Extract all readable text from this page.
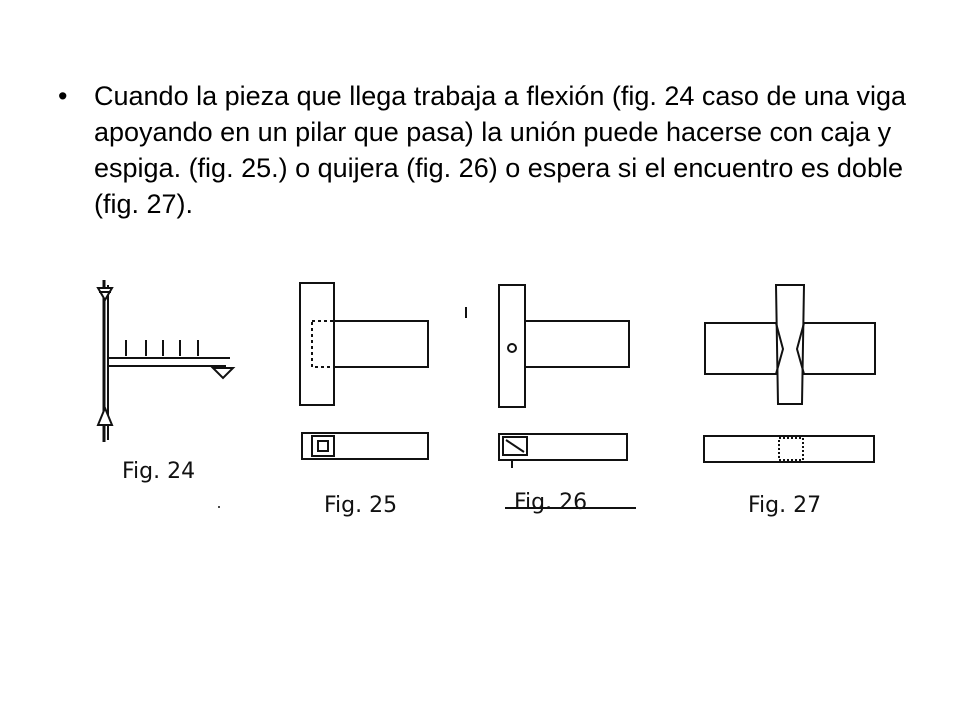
• Cuando la pieza que llega trabaja a flexión (fig. 24 caso de una viga apoyando en un pilar que pasa) la unión puede hacerse con caja y espiga. (fig. 25.) o quijera (fig. 26) o espera si el encuentro es doble (fig. 27).
Fig. 24
Fig. 25	Fig. 26	Fig. 27
